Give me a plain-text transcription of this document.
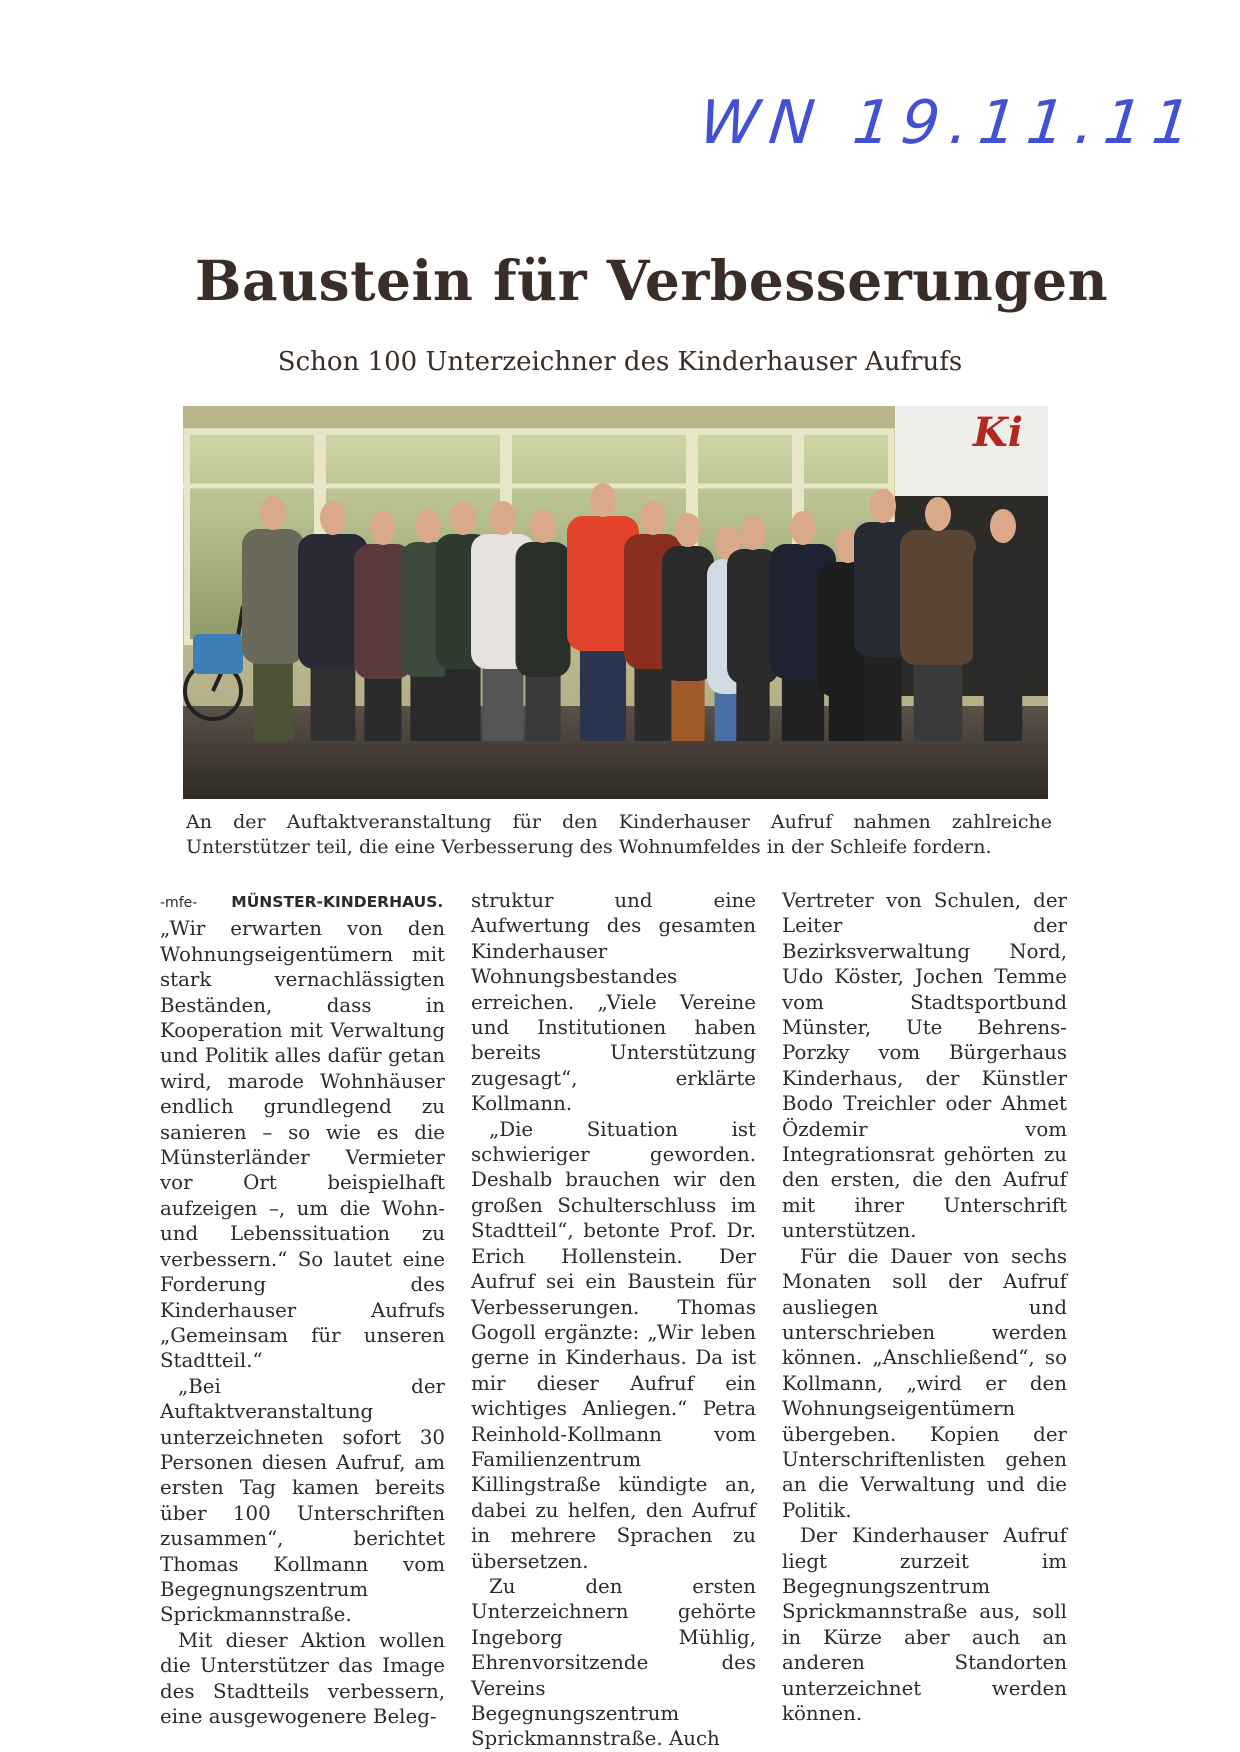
WN 19.11.11
Baustein für Verbesserungen
Schon 100 Unterzeichner des Kinderhauser Aufrufs
Ki
An der Auftaktveranstaltung für den Kinderhauser Aufruf nahmen zahlreiche Unterstützer teil, die eine Verbesserung des Wohnumfeldes in der Schleife fordern.

-mfe- MÜNSTER-KINDERHAUS.
„Wir erwarten von den Wohnungseigentümern mit stark vernachlässigten Beständen, dass in Kooperation mit Verwaltung und Politik alles dafür getan wird, marode Wohnhäuser endlich grundlegend zu sanieren – so wie es die Münsterländer Vermieter vor Ort beispielhaft aufzeigen –, um die Wohn- und Lebenssituation zu verbessern.“ So lautet eine Forderung des Kinderhauser Aufrufs „Gemeinsam für unseren Stadtteil.“

„Bei der Auftaktveranstaltung unterzeichneten sofort 30 Personen diesen Aufruf, am ersten Tag kamen bereits über 100 Unterschriften zusammen“, berichtet Thomas Kollmann vom Begegnungszentrum Sprickmannstraße.

Mit dieser Aktion wollen die Unterstützer das Image des Stadtteils verbessern, eine ausgewogenere Beleg-

struktur und eine Aufwertung des gesamten Kinderhauser Wohnungsbestandes erreichen. „Viele Vereine und Institutionen haben bereits Unterstützung zugesagt“, erklärte Kollmann.

„Die Situation ist schwieriger geworden. Deshalb brauchen wir den großen Schulterschluss im Stadtteil“, betonte Prof. Dr. Erich Hollenstein. Der Aufruf sei ein Baustein für Verbesserungen. Thomas Gogoll ergänzte: „Wir leben gerne in Kinderhaus. Da ist mir dieser Aufruf ein wichtiges Anliegen.“ Petra Reinhold-Kollmann vom Familienzentrum Killingstraße kündigte an, dabei zu helfen, den Aufruf in mehrere Sprachen zu übersetzen.

Zu den ersten Unterzeichnern gehörte Ingeborg Mühlig, Ehrenvorsitzende des Vereins Begegnungszentrum Sprickmannstraße. Auch

Vertreter von Schulen, der Leiter der Bezirksverwaltung Nord, Udo Köster, Jochen Temme vom Stadtsportbund Münster, Ute Behrens-Porzky vom Bürgerhaus Kinderhaus, der Künstler Bodo Treichler oder Ahmet Özdemir vom Integrationsrat gehörten zu den ersten, die den Aufruf mit ihrer Unterschrift unterstützen.

Für die Dauer von sechs Monaten soll der Aufruf ausliegen und unterschrieben werden können. „Anschließend“, so Kollmann, „wird er den Wohnungseigentümern übergeben. Kopien der Unterschriftenlisten gehen an die Verwaltung und die Politik.

Der Kinderhauser Aufruf liegt zurzeit im Begegnungszentrum Sprickmannstraße aus, soll in Kürze aber auch an anderen Standorten unterzeichnet werden können.
